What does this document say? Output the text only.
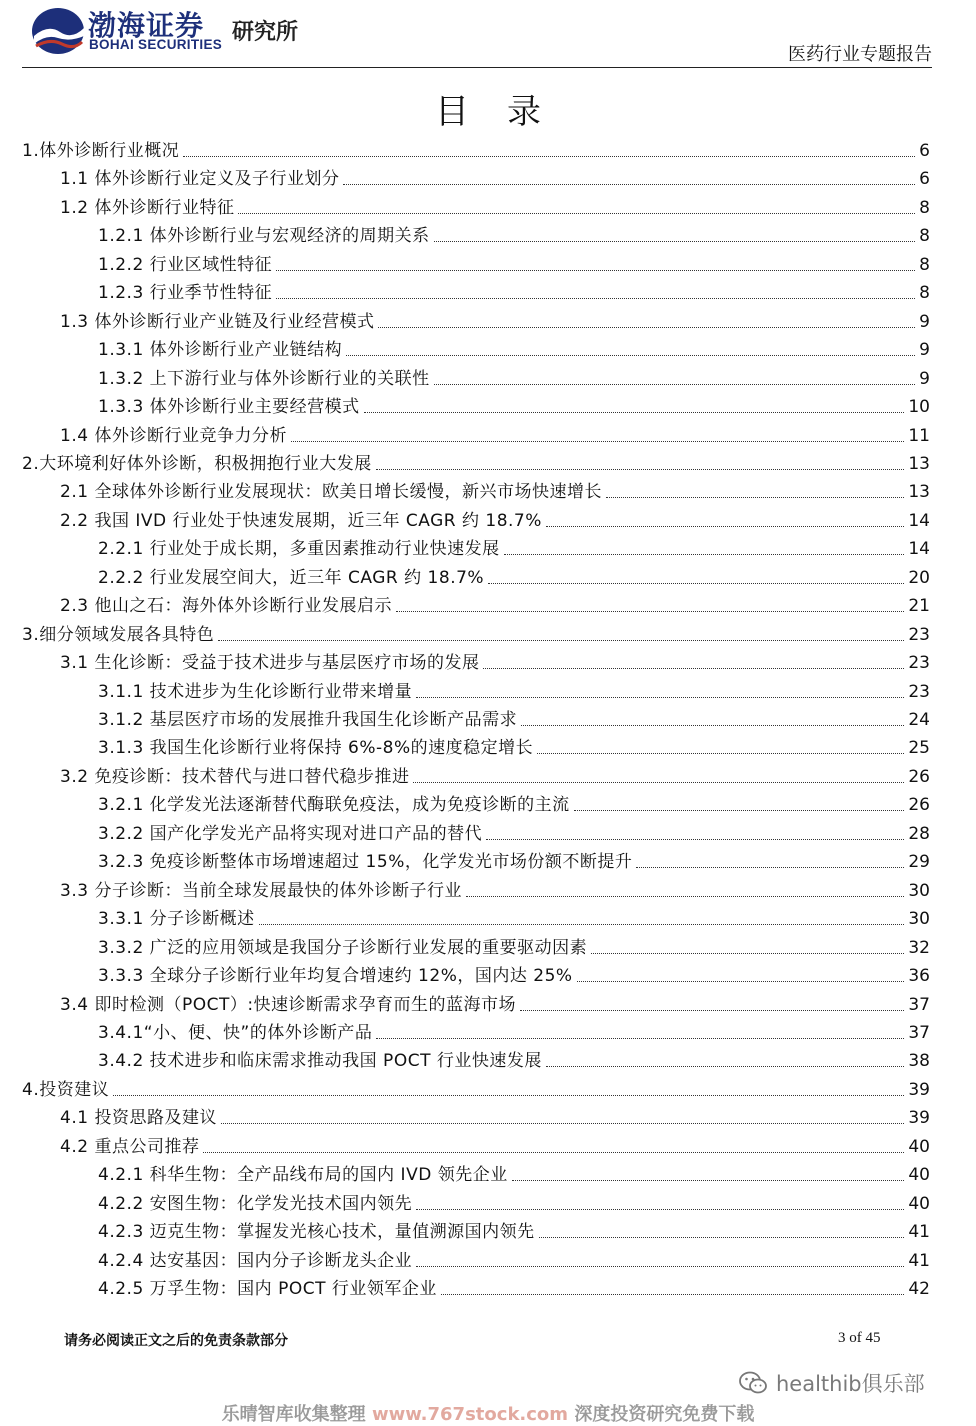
渤海证券
BOHAI SECURITIES 研究所
医药行业专题报告
目录
1.体外诊断行业概况	6
1.1 体外诊断行业定义及子行业划分	6
1.2 体外诊断行业特征	8
1.2.1 体外诊断行业与宏观经济的周期关系	8
1.2.2 行业区域性特征	8
1.2.3 行业季节性特征	8
1.3 体外诊断行业产业链及行业经营模式	9
1.3.1 体外诊断行业产业链结构	9
1.3.2 上下游行业与体外诊断行业的关联性	9
1.3.3 体外诊断行业主要经营模式	10
1.4 体外诊断行业竞争力分析	11
2.大环境利好体外诊断，积极拥抱行业大发展	13
2.1 全球体外诊断行业发展现状：欧美日增长缓慢，新兴市场快速增长	13
2.2 我国 IVD 行业处于快速发展期，近三年 CAGR 约 18.7%	14
2.2.1 行业处于成长期，多重因素推动行业快速发展	14
2.2.2 行业发展空间大，近三年 CAGR 约 18.7%	20
2.3 他山之石：海外体外诊断行业发展启示	21
3.细分领域发展各具特色	23
3.1 生化诊断：受益于技术进步与基层医疗市场的发展	23
3.1.1 技术进步为生化诊断行业带来增量	23
3.1.2 基层医疗市场的发展推升我国生化诊断产品需求	24
3.1.3 我国生化诊断行业将保持 6%-8%的速度稳定增长	25
3.2 免疫诊断：技术替代与进口替代稳步推进	26
3.2.1 化学发光法逐渐替代酶联免疫法，成为免疫诊断的主流	26
3.2.2 国产化学发光产品将实现对进口产品的替代	28
3.2.3 免疫诊断整体市场增速超过 15%，化学发光市场份额不断提升	29
3.3 分子诊断：当前全球发展最快的体外诊断子行业	30
3.3.1 分子诊断概述	30
3.3.2 广泛的应用领域是我国分子诊断行业发展的重要驱动因素	32
3.3.3 全球分子诊断行业年均复合增速约 12%，国内达 25%	36
3.4 即时检测（POCT）:快速诊断需求孕育而生的蓝海市场	37
3.4.1“小、便、快”的体外诊断产品	37
3.4.2 技术进步和临床需求推动我国 POCT 行业快速发展	38
4.投资建议	39
4.1 投资思路及建议	39
4.2 重点公司推荐	40
4.2.1 科华生物：全产品线布局的国内 IVD 领先企业	40
4.2.2 安图生物：化学发光技术国内领先	40
4.2.3 迈克生物：掌握发光核心技术，量值溯源国内领先	41
4.2.4 达安基因：国内分子诊断龙头企业	41
4.2.5 万孚生物：国内 POCT 行业领军企业	42
请务必阅读正文之后的免责条款部分	3 of 45
healthib俱乐部
乐晴智库收集整理 www.767stock.com 深度投资研究免费下载
